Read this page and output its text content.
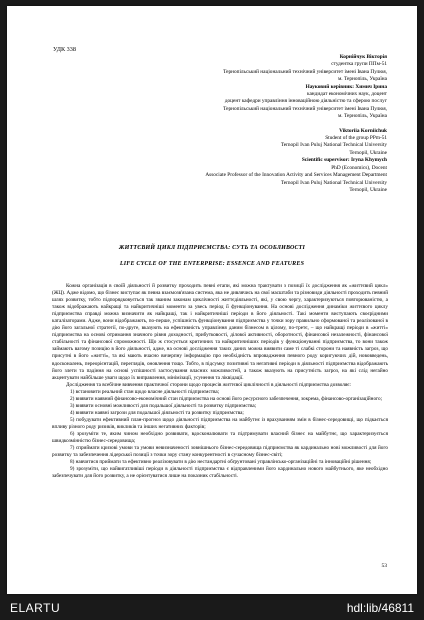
УДК 338
Корнійчук Вікторія
студентка групи ППм-51
Тернопільський національний технічний університет імені Івана Пулюя,
м. Тернопіль, Україна
Науковий керівник: Химич Ірина
кандидат економічних наук, доцент
доцент кафедри управління інноваційною діяльністю та сферою послуг
Тернопільський національний технічний університет імені Івана Пулюя,
м. Тернопіль, Україна
Viktoriia Korniichuk
Student of the group PPm-51
Ternopil Ivan Puluj National Technical University
Ternopil, Ukraine
Scientific supervisor: Iryna Khymych
PhD (Economics), Docent
Associate Professor of the Innovation Activity and Services Management Department
Ternopil Ivan Puluj National Technical University
Ternopil, Ukraine
ЖИТТЄВИЙ ЦИКЛ ПІДПРИЄМСТВА: СУТЬ ТА ОСОБЛИВОСТІ
LIFE CYCLE OF THE ENTERPRISE: ESSENCE AND FEATURES

Кожна організація в своїй діяльності й розвитку проходить певні етапи, які можна трактувати з позиції їх дослідження як «життєвий цикл» (ЖЦ). Адже відомо, що бізнес виступає як певна взаємозв'язана система, яка не дивлячись на свої масштаби та різновиди діяльності проходить певний шлях розвитку, тобто підпорядковується так званим законам циклічності життєдіяльності, які, у свою чергу, характеризуються повторюваністю, а також відображають найкращі та найкритичніші моменти за увесь період її функціонування. На основі дослідження динаміки життєвого циклу підприємства справді можна визначити як найкращі, так і найкритичніші періоди в його діяльності. Такі моменти виступають своєрідними каталізаторами. Адже, вони відображають, по-перше, успішність функціонування підприємства у точки зору правильно сформованої та реалізованої в дію його загальної стратегії, по-друге, вказують на ефективність управління даним бізнесом в цілому, по-третє, – що найкращі періоди в «житті» підприємства на основі отримання значного рівня доходності, прибутковості, ділової активності, оборотності, фінансової незалежності, фінансової стабільності та фінансової спроможності. Що ж стосується критичних та найкритичніших періодів у функціонуванні підприємства, то вони також займають вагому позицію в його діяльності, адже, на основі дослідження таких даних можна виявити саме ті слабкі сторони та наявність загроз, що присутні в його «житті», та які мають вчасно вичерпну інформацію про необхідність впровадження певного роду коригуючих дій, нововведень, вдосконалень, переорієнтацій, переглядів, оновлення тощо. Тобто, в підсумку позитивні та негативні періоди в діяльності підприємства відображають його злети та падіння на основі успішності застосування власних можливостей, а також вказують на присутність загроз, на які слід негайно акцентувати найбільше уваги щодо їх виправлення, мінімізації, усунення та ліквідації.

Дослідження та всебічне вивчення практичної сторони щодо процесів життєвої циклічності в діяльності підприємства дозволяє:

1) встановити реальний стан щодо власне діяльності підприємства;

2) виявити наявний фінансово-економічний стан підприємства на основі його ресурсного забезпечення, зокрема, фінансово-організаційного;

3) виявити основні можливості для подальшої діяльності та розвитку підприємства;

4) виявити наявні загрози для подальшої діяльності та розвитку підприємства;

5) побудувати ефективний план-прогноз щодо діяльності підприємства на майбутнє із врахуванням змін в бізнес-середовищі, що підкається впливу різного роду ризиків, викликів та інших негативних факторів;

6) зрозуміти те, яким чином необхідно розвивати, вдосконалювати та підтримувати власний бізнес на майбутнє, що характеризується швидкозмінністю бізнес-середовища;

7) сприймати кризові умови та умови невизначеності зовнішнього бізнес-середовища підприємства як кардинально нові можливості для його розвитку та забезпечення лідерської позиції з точки зору стану конкурентності в сучасному бізнес-світі;

8) навчитися приймати та ефективно реалізовувати в дію нестандартні обґрунтовані управлінсько-організаційні та інноваційні рішення;

9) зрозуміти, що найвигатливіші періоди в діяльності підприємства є відправленими його кардинально нового майбутнього, яке необхідно забезпечувати для його розвитку, а не орієнтуватися лише на показник стабільності.

53
ELARTU	hdl:lib/46811
